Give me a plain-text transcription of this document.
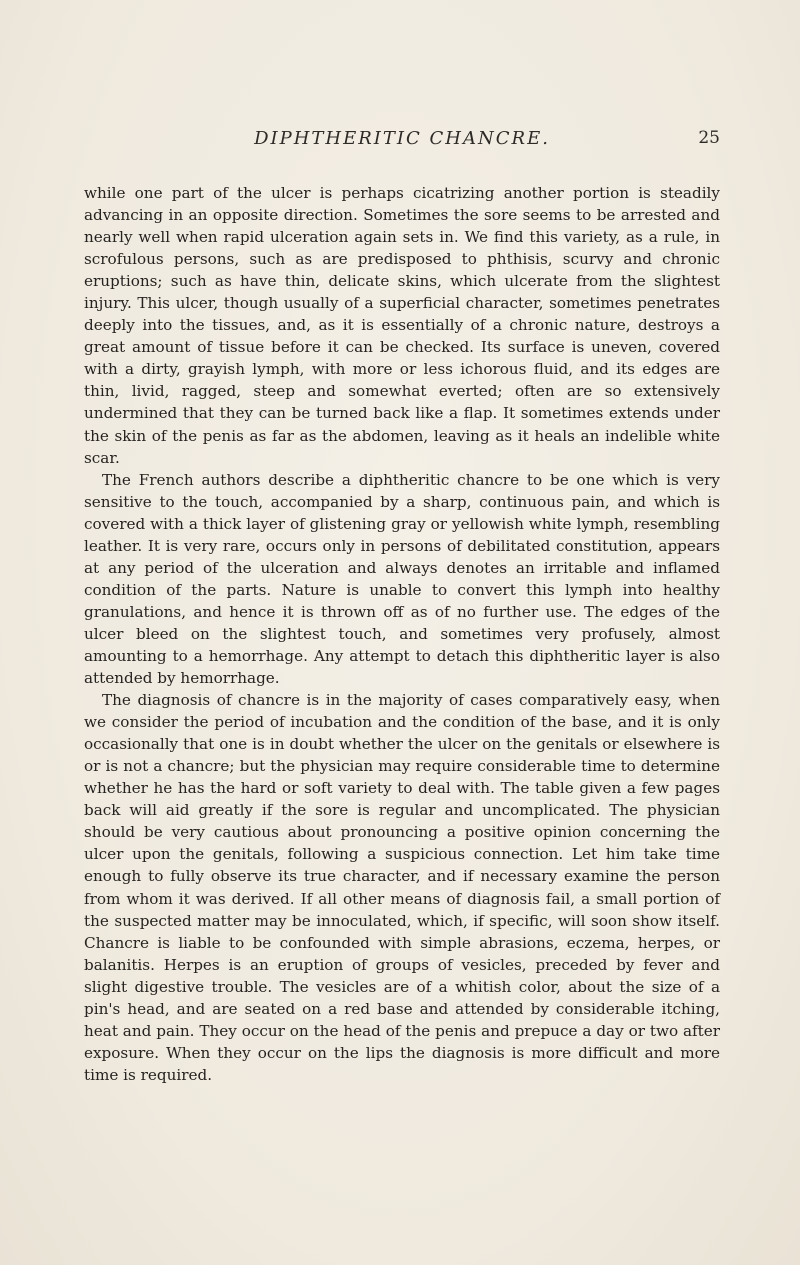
DIPHTHERITIC CHANCRE.	25

while one part of the ulcer is perhaps cicatrizing another portion is steadily advancing in an opposite direction. Sometimes the sore seems to be arrested and nearly well when rapid ulceration again sets in. We find this variety, as a rule, in scrofulous persons, such as are predisposed to phthisis, scurvy and chronic eruptions; such as have thin, delicate skins, which ulcerate from the slightest injury. This ulcer, though usually of a superficial character, sometimes penetrates deeply into the tissues, and, as it is essentially of a chronic nature, destroys a great amount of tissue before it can be checked. Its surface is uneven, covered with a dirty, grayish lymph, with more or less ichorous fluid, and its edges are thin, livid, ragged, steep and somewhat everted; often are so extensively undermined that they can be turned back like a flap. It sometimes extends under the skin of the penis as far as the abdomen, leaving as it heals an indelible white scar.

The French authors describe a diphtheritic chancre to be one which is very sensitive to the touch, accompanied by a sharp, continuous pain, and which is covered with a thick layer of glistening gray or yellowish white lymph, resembling leather. It is very rare, occurs only in persons of debilitated constitution, appears at any period of the ulceration and always denotes an irritable and inflamed condition of the parts. Nature is unable to convert this lymph into healthy granulations, and hence it is thrown off as of no further use. The edges of the ulcer bleed on the slightest touch, and sometimes very profusely, almost amounting to a hemorrhage. Any attempt to detach this diphtheritic layer is also attended by hemorrhage.

The diagnosis of chancre is in the majority of cases comparatively easy, when we consider the period of incubation and the condition of the base, and it is only occasionally that one is in doubt whether the ulcer on the genitals or elsewhere is or is not a chancre; but the physician may require considerable time to determine whether he has the hard or soft variety to deal with. The table given a few pages back will aid greatly if the sore is regular and uncomplicated. The physician should be very cautious about pronouncing a positive opinion concerning the ulcer upon the genitals, following a suspicious connection. Let him take time enough to fully observe its true character, and if necessary examine the person from whom it was derived. If all other means of diagnosis fail, a small portion of the suspected matter may be innoculated, which, if specific, will soon show itself. Chancre is liable to be confounded with simple abrasions, eczema, herpes, or balanitis. Herpes is an eruption of groups of vesicles, preceded by fever and slight digestive trouble. The vesicles are of a whitish color, about the size of a pin's head, and are seated on a red base and attended by considerable itching, heat and pain. They occur on the head of the penis and prepuce a day or two after exposure. When they occur on the lips the diagnosis is more difficult and more time is required.
